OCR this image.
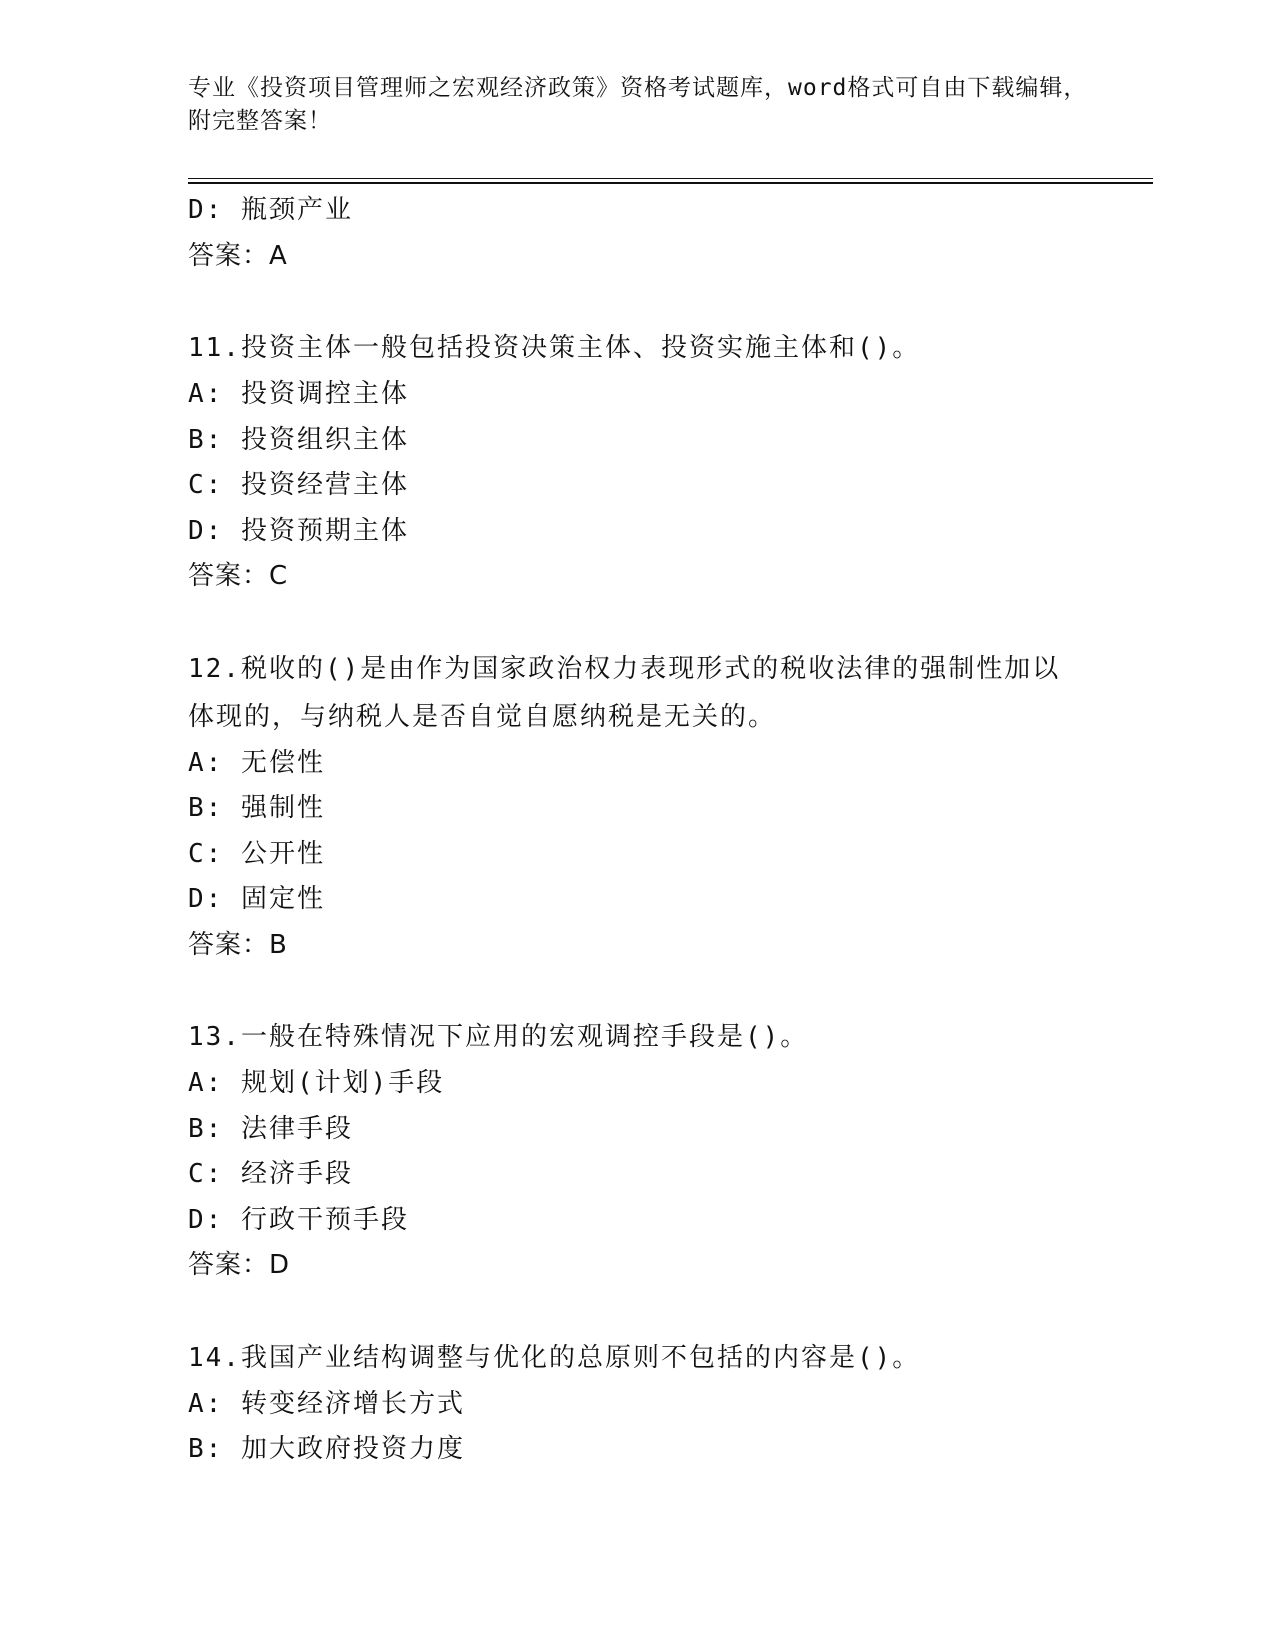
专业《投资项目管理师之宏观经济政策》资格考试题库，word格式可自由下载编辑，附完整答案！
D: 瓶颈产业
答案：A
11.投资主体一般包括投资决策主体、投资实施主体和()。
A: 投资调控主体
B: 投资组织主体
C: 投资经营主体
D: 投资预期主体
答案：C
12.税收的()是由作为国家政治权力表现形式的税收法律的强制性加以体现的，与纳税人是否自觉自愿纳税是无关的。
A: 无偿性
B: 强制性
C: 公开性
D: 固定性
答案：B
13.一般在特殊情况下应用的宏观调控手段是()。
A: 规划(计划)手段
B: 法律手段
C: 经济手段
D: 行政干预手段
答案：D
14.我国产业结构调整与优化的总原则不包括的内容是()。
A: 转变经济增长方式
B: 加大政府投资力度
